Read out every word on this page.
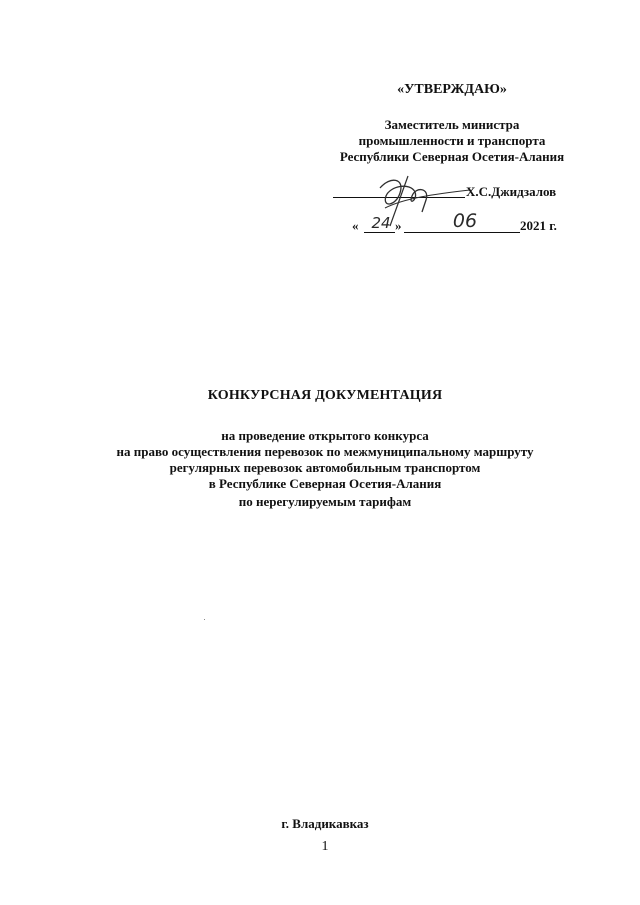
«УТВЕРЖДАЮ»
Заместитель министра
промышленности и транспорта
Республики Северная Осетия-Алания
Х.С.Джидзалов
« 24 »	06	2021 г.
КОНКУРСНАЯ ДОКУМЕНТАЦИЯ
на проведение открытого конкурса
на право осуществления перевозок по межмуниципальному маршруту
регулярных перевозок автомобильным транспортом
в Республике Северная Осетия-Алания
по нерегулируемым тарифам
г. Владикавказ
1
